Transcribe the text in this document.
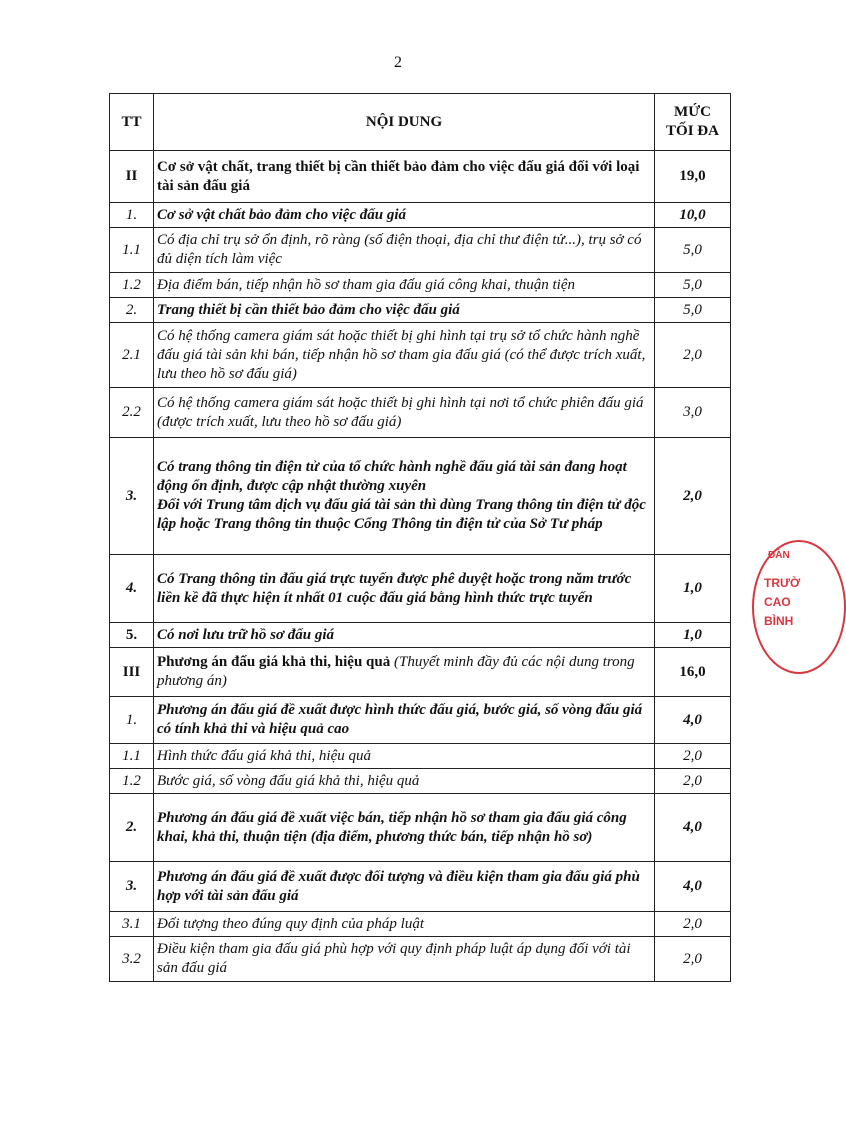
2
TT	NỘI DUNG	MỨC
TỐI ĐA
II	Cơ sở vật chất, trang thiết bị cần thiết bảo đảm cho việc đấu giá đối với loại tài sản đấu giá	19,0
1.	Cơ sở vật chất bảo đảm cho việc đấu giá	10,0
1.1	Có địa chỉ trụ sở ổn định, rõ ràng (số điện thoại, địa chỉ thư điện tử...), trụ sở có đủ diện tích làm việc	5,0
1.2	Địa điểm bán, tiếp nhận hồ sơ tham gia đấu giá công khai, thuận tiện	5,0
2.	Trang thiết bị cần thiết bảo đảm cho việc đấu giá	5,0
2.1	Có hệ thống camera giám sát hoặc thiết bị ghi hình tại trụ sở tổ chức hành nghề đấu giá tài sản khi bán, tiếp nhận hồ sơ tham gia đấu giá (có thể được trích xuất, lưu theo hồ sơ đấu giá)	2,0
2.2	Có hệ thống camera giám sát hoặc thiết bị ghi hình tại nơi tổ chức phiên đấu giá (được trích xuất, lưu theo hồ sơ đấu giá)	3,0
3.	Có trang thông tin điện tử của tổ chức hành nghề đấu giá tài sản đang hoạt động ổn định, được cập nhật thường xuyên
Đối với Trung tâm dịch vụ đấu giá tài sản thì dùng Trang thông tin điện tử độc lập hoặc Trang thông tin thuộc Cổng Thông tin điện tử của Sở Tư pháp	2,0
4.	Có Trang thông tin đấu giá trực tuyến được phê duyệt hoặc trong năm trước liền kề đã thực hiện ít nhất 01 cuộc đấu giá bằng hình thức trực tuyến	1,0
5.	Có nơi lưu trữ hồ sơ đấu giá	1,0
III	Phương án đấu giá khả thi, hiệu quả (Thuyết minh đầy đủ các nội dung trong phương án)	16,0
1.	Phương án đấu giá đề xuất được hình thức đấu giá, bước giá, số vòng đấu giá có tính khả thi và hiệu quả cao	4,0
1.1	Hình thức đấu giá khả thi, hiệu quả	2,0
1.2	Bước giá, số vòng đấu giá khả thi, hiệu quả	2,0
2.	Phương án đấu giá đề xuất việc bán, tiếp nhận hồ sơ tham gia đấu giá công khai, khả thi, thuận tiện (địa điểm, phương thức bán, tiếp nhận hồ sơ)	4,0
3.	Phương án đấu giá đề xuất được đối tượng và điều kiện tham gia đấu giá phù hợp với tài sản đấu giá	4,0
3.1	Đối tượng theo đúng quy định của pháp luật	2,0
3.2	Điều kiện tham gia đấu giá phù hợp với quy định pháp luật áp dụng đối với tài sản đấu giá	2,0
ĐÀN
TRƯỜ
CAO
BÌNH
